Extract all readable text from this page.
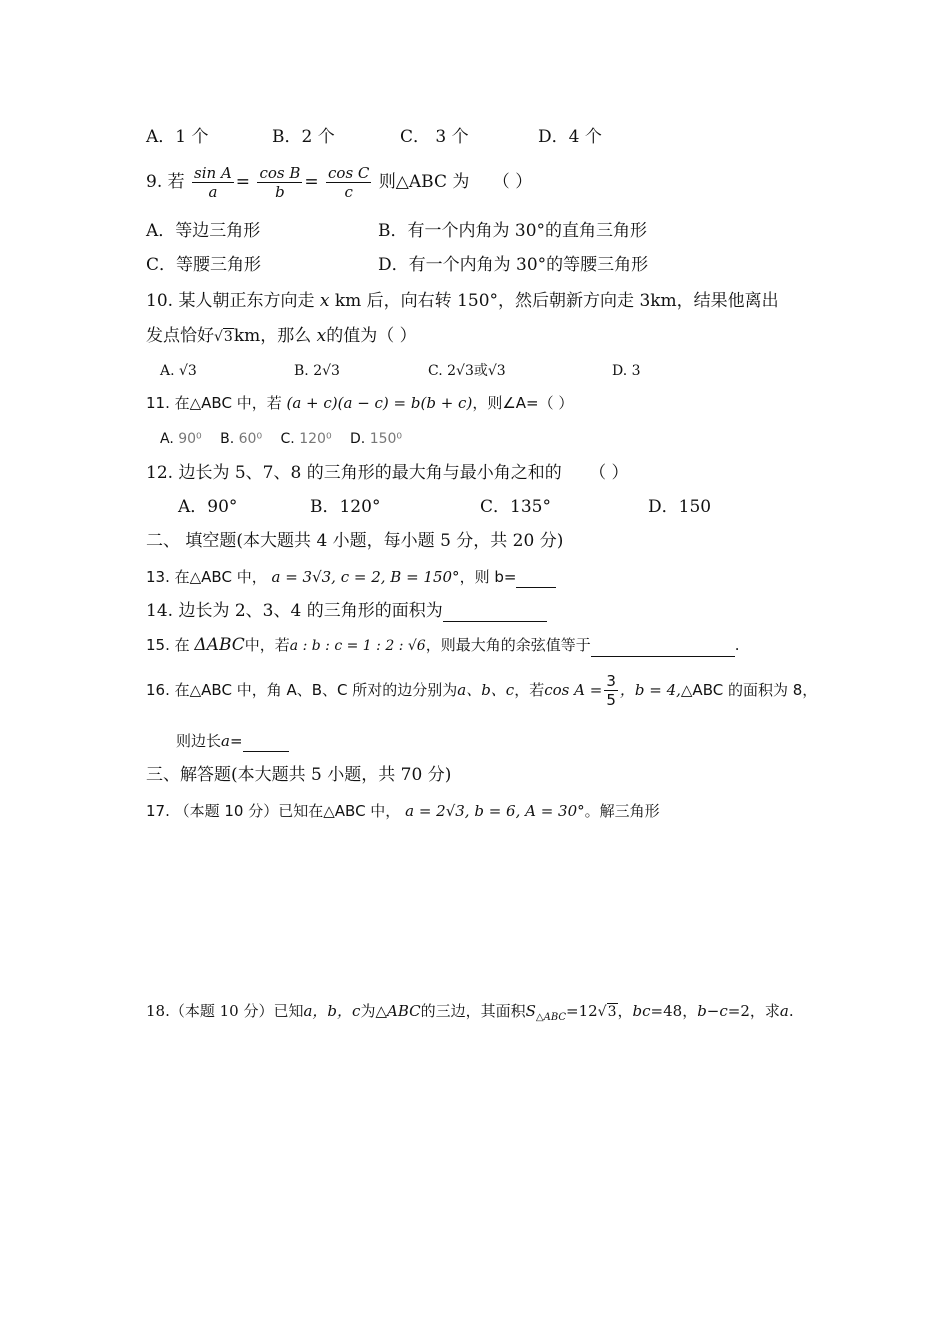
A．1 个	B．2 个	C． 3 个	D．4 个
9. 若 $\frac{\text{sin A}}{a} = \frac{\text{cos B}}{b} = \frac{\text{cos C}}{c}$ 则△ABC 为 （ ）
A．等边三角形	B．有一个内角为 30°的直角三角形
C．等腰三角形	D．有一个内角为 30°的等腰三角形
10. 某人朝正东方向走 x km 后，向右转 150°，然后朝新方向走 3km，结果他离出
发点恰好√3km，那么 x的值为（ ）
A. √3	B. 2√3	C. 2√3或√3	D. 3
11. 在△ABC 中，若 (a + c)(a − c) = b(b + c)，则∠A=（ ）
A. 90⁰ B. 60⁰ C. 120⁰ D. 150⁰
12. 边长为 5、7、8 的三角形的最大角与最小角之和的 （ ）
A．90°	B．120°	C．135°	D．150
二、 填空题(本大题共 4 小题，每小题 5 分，共 20 分)
13. 在△ABC 中， a = 3√3, c = 2, B = 150°，则 b=
14. 边长为 2、3、4 的三角形的面积为
15. 在 ΔABC中，若a : b : c = 1 : 2 : √6，则最大角的余弦值等于	.
16. 在△ABC 中，角 A、B、C 所对的边分别为a、b、c，若$\cos A = \frac{3}{5}$ ，b = 4,△ABC 的面积为 8，
则边长a=
三、解答题(本大题共 5 小题，共 70 分)
17. （本题 10 分）已知在△ABC 中， a = 2√3, b = 6, A = 30°。解三角形
18.（本题 10 分）已知a，b，c为△ABC的三边，其面积$S_{\triangle ABC}=12√3$，bc=48，b−c=2，求a.
